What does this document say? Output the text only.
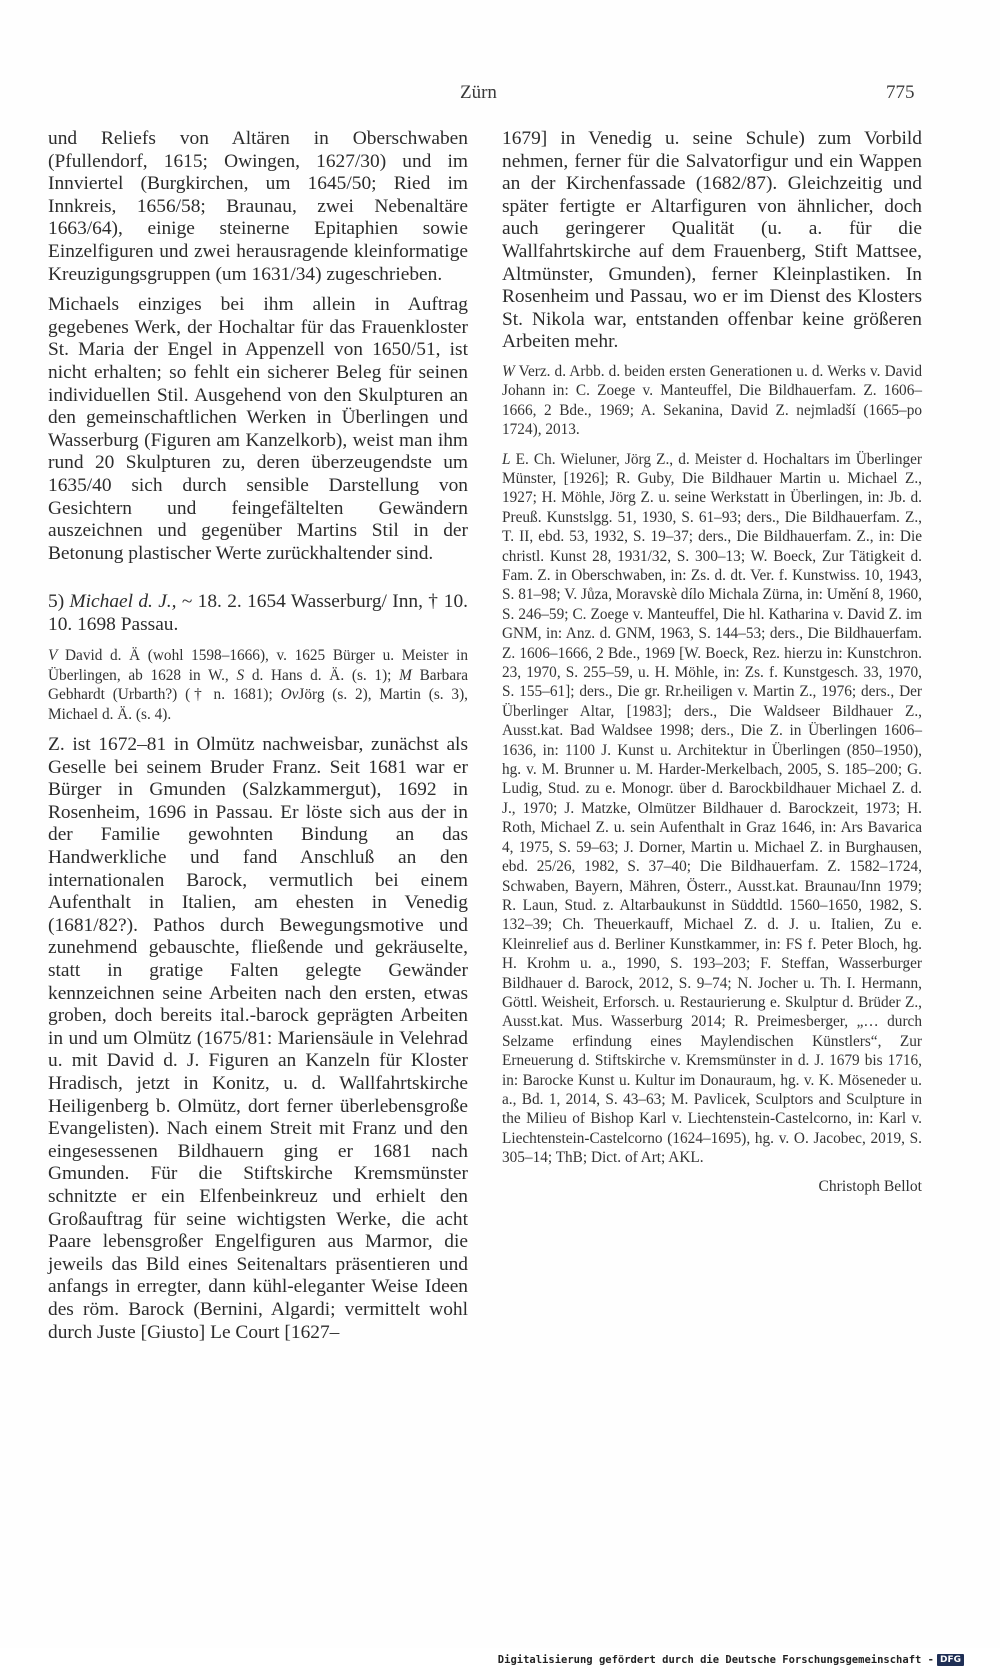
Zürn	775

und Reliefs von Altären in Oberschwaben (Pfullendorf, 1615; Owingen, 1627/30) und im Innviertel (Burgkirchen, um 1645/50; Ried im Innkreis, 1656/58; Braunau, zwei Nebenaltäre 1663/64), einige steinerne Epitaphien sowie Einzelfiguren und zwei herausragende kleinformatige Kreuzigungsgruppen (um 1631/34) zugeschrieben.

Michaels einziges bei ihm allein in Auftrag gegebenes Werk, der Hochaltar für das Frauenkloster St. Maria der Engel in Appenzell von 1650/51, ist nicht erhalten; so fehlt ein sicherer Beleg für seinen individuellen Stil. Ausgehend von den Skulpturen an den gemeinschaftlichen Werken in Überlingen und Wasserburg (Figuren am Kanzelkorb), weist man ihm rund 20 Skulpturen zu, deren überzeugendste um 1635/40 sich durch sensible Darstellung von Gesichtern und feingefältelten Gewändern auszeichnen und gegenüber Martins Stil in der Betonung plastischer Werte zurückhaltender sind.

5) Michael d. J., ~ 18. 2. 1654 Wasserburg/ Inn, † 10. 10. 1698 Passau.

V David d. Ä (wohl 1598–1666), v. 1625 Bürger u. Meister in Überlingen, ab 1628 in W., S d. Hans d. Ä. (s. 1); M Barbara Gebhardt (Urbarth?) († n. 1681); OvJörg (s. 2), Martin (s. 3), Michael d. Ä. (s. 4).

Z. ist 1672–81 in Olmütz nachweisbar, zunächst als Geselle bei seinem Bruder Franz. Seit 1681 war er Bürger in Gmunden (Salzkammergut), 1692 in Rosenheim, 1696 in Passau. Er löste sich aus der in der Familie gewohnten Bindung an das Handwerkliche und fand Anschluß an den internationalen Barock, vermutlich bei einem Aufenthalt in Italien, am ehesten in Venedig (1681/82?). Pathos durch Bewegungsmotive und zunehmend gebauschte, fließende und gekräuselte, statt in gratige Falten gelegte Gewänder kennzeichnen seine Arbeiten nach den ersten, etwas groben, doch bereits ital.-barock geprägten Arbeiten in und um Olmütz (1675/81: Mariensäule in Velehrad u. mit David d. J. Figuren an Kanzeln für Kloster Hradisch, jetzt in Konitz, u. d. Wallfahrtskirche Heiligenberg b. Olmütz, dort ferner überlebensgroße Evangelisten). Nach einem Streit mit Franz und den eingesessenen Bildhauern ging er 1681 nach Gmunden. Für die Stiftskirche Kremsmünster schnitzte er ein Elfenbeinkreuz und erhielt den Großauftrag für seine wichtigsten Werke, die acht Paare lebensgroßer Engelfiguren aus Marmor, die jeweils das Bild eines Seitenaltars präsentieren und anfangs in erregter, dann kühl-eleganter Weise Ideen des röm. Barock (Bernini, Algardi; vermittelt wohl durch Juste [Giusto] Le Court [1627–

1679] in Venedig u. seine Schule) zum Vorbild nehmen, ferner für die Salvatorfigur und ein Wappen an der Kirchenfassade (1682/87). Gleichzeitig und später fertigte er Altarfiguren von ähnlicher, doch auch geringerer Qualität (u. a. für die Wallfahrtskirche auf dem Frauenberg, Stift Mattsee, Altmünster, Gmunden), ferner Kleinplastiken. In Rosenheim und Passau, wo er im Dienst des Klosters St. Nikola war, entstanden offenbar keine größeren Arbeiten mehr.

W Verz. d. Arbb. d. beiden ersten Generationen u. d. Werks v. David Johann in: C. Zoege v. Manteuffel, Die Bildhauerfam. Z. 1606–1666, 2 Bde., 1969; A. Sekanina, David Z. nejmladší (1665–po 1724), 2013.

L E. Ch. Wieluner, Jörg Z., d. Meister d. Hochaltars im Überlinger Münster, [1926]; R. Guby, Die Bildhauer Martin u. Michael Z., 1927; H. Möhle, Jörg Z. u. seine Werkstatt in Überlingen, in: Jb. d. Preuß. Kunstslgg. 51, 1930, S. 61–93; ders., Die Bildhauerfam. Z., T. II, ebd. 53, 1932, S. 19–37; ders., Die Bildhauerfam. Z., in: Die christl. Kunst 28, 1931/32, S. 300–13; W. Boeck, Zur Tätigkeit d. Fam. Z. in Oberschwaben, in: Zs. d. dt. Ver. f. Kunstwiss. 10, 1943, S. 81–98; V. Jůza, Moravskè dílo Michala Zürna, in: Umění 8, 1960, S. 246–59; C. Zoege v. Manteuffel, Die hl. Katharina v. David Z. im GNM, in: Anz. d. GNM, 1963, S. 144–53; ders., Die Bildhauerfam. Z. 1606–1666, 2 Bde., 1969 [W. Boeck, Rez. hierzu in: Kunstchron. 23, 1970, S. 255–59, u. H. Möhle, in: Zs. f. Kunstgesch. 33, 1970, S. 155–61]; ders., Die gr. Rr.heiligen v. Martin Z., 1976; ders., Der Überlinger Altar, [1983]; ders., Die Waldseer Bildhauer Z., Ausst.kat. Bad Waldsee 1998; ders., Die Z. in Überlingen 1606–1636, in: 1100 J. Kunst u. Architektur in Überlingen (850–1950), hg. v. M. Brunner u. M. Harder-Merkelbach, 2005, S. 185–200; G. Ludig, Stud. zu e. Monogr. über d. Barockbildhauer Michael Z. d. J., 1970; J. Matzke, Olmützer Bildhauer d. Barockzeit, 1973; H. Roth, Michael Z. u. sein Aufenthalt in Graz 1646, in: Ars Bavarica 4, 1975, S. 59–63; J. Dorner, Martin u. Michael Z. in Burghausen, ebd. 25/26, 1982, S. 37–40; Die Bildhauerfam. Z. 1582–1724, Schwaben, Bayern, Mähren, Österr., Ausst.kat. Braunau/Inn 1979; R. Laun, Stud. z. Altarbaukunst in Süddtld. 1560–1650, 1982, S. 132–39; Ch. Theuerkauff, Michael Z. d. J. u. Italien, Zu e. Kleinrelief aus d. Berliner Kunstkammer, in: FS f. Peter Bloch, hg. H. Krohm u. a., 1990, S. 193–203; F. Steffan, Wasserburger Bildhauer d. Barock, 2012, S. 9–74; N. Jocher u. Th. I. Hermann, Göttl. Weisheit, Erforsch. u. Restaurierung e. Skulptur d. Brüder Z., Ausst.kat. Mus. Wasserburg 2014; R. Preimesberger, „… durch Selzame erfindung eines Maylendischen Künstlers“, Zur Erneuerung d. Stiftskirche v. Kremsmünster in d. J. 1679 bis 1716, in: Barocke Kunst u. Kultur im Donauraum, hg. v. K. Möseneder u. a., Bd. 1, 2014, S. 43–63; M. Pavlicek, Sculptors and Sculpture in the Milieu of Bishop Karl v. Liechtenstein-Castelcorno, in: Karl v. Liechtenstein-Castelcorno (1624–1695), hg. v. O. Jacobec, 2019, S. 305–14; ThB; Dict. of Art; AKL.

Christoph Bellot
Digitalisierung gefördert durch die Deutsche Forschungsgemeinschaft - DFG
